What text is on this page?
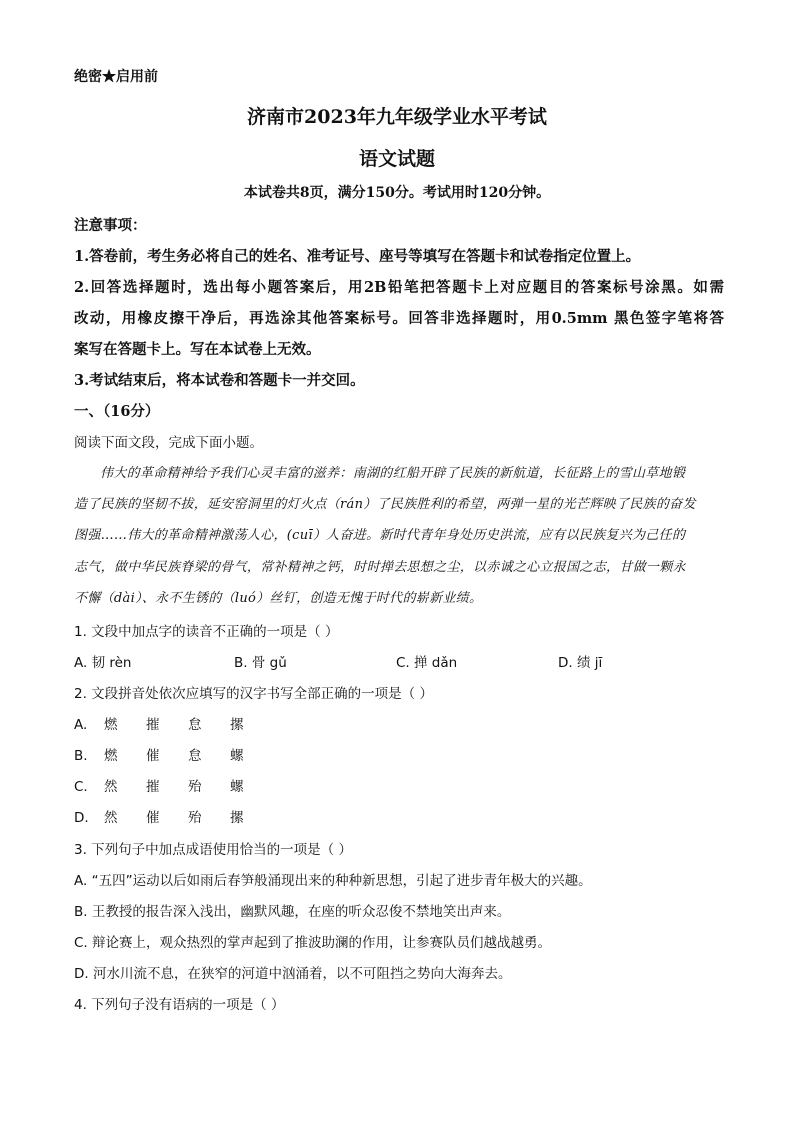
绝密★启用前
济南市2023年九年级学业水平考试
语文试题
本试卷共8页，满分150分。考试用时120分钟。
注意事项：
1.答卷前，考生务必将自己的姓名、准考证号、座号等填写在答题卡和试卷指定位置上。
2.回答选择题时，选出每小题答案后，用2B铅笔把答题卡上对应题目的答案标号涂黑。如需
改动，用橡皮擦干净后，再选涂其他答案标号。回答非选择题时，用0.5mm 黑色签字笔将答
案写在答题卡上。写在本试卷上无效。
3.考试结束后，将本试卷和答题卡一并交回。
一、（16分）
阅读下面文段，完成下面小题。
伟大的革命精神给予我们心灵丰富的滋养：南湖的红船开辟了民族的新航道，长征路上的雪山草地锻
造了民族的坚韧不拔，延安窑洞里的灯火点（rán）了民族胜利的希望，两弹一星的光芒辉映了民族的奋发
图强……伟大的革命精神激荡人心，(cuī）人奋进。新时代青年身处历史洪流，应有以民族复兴为己任的
志气，做中华民族脊梁的骨气，常补精神之钙，时时掸去思想之尘，以赤诚之心立报国之志，甘做一颗永
不懈（dài）、永不生锈的（luó）丝钉，创造无愧于时代的崭新业绩。
1. 文段中加点字的读音不正确的一项是（ ）
A. 韧 rèn	B. 骨 gǔ	C. 掸 dǎn	D. 绩 jī
2. 文段拼音处依次应填写的汉字书写全部正确的一项是（ ）
A. 燃 摧 怠 摞
B. 燃 催 怠 螺
C. 然 摧 殆 螺
D. 然 催 殆 摞
3. 下列句子中加点成语使用恰当的一项是（ ）
A. “五四”运动以后如雨后春笋般涌现出来的种种新思想，引起了进步青年极大的兴趣。
B. 王教授的报告深入浅出，幽默风趣，在座的听众忍俊不禁地笑出声来。
C. 辩论赛上，观众热烈的掌声起到了推波助澜的作用，让参赛队员们越战越勇。
D. 河水川流不息，在狭窄的河道中汹涌着，以不可阻挡之势向大海奔去。
4. 下列句子没有语病的一项是（ ）
